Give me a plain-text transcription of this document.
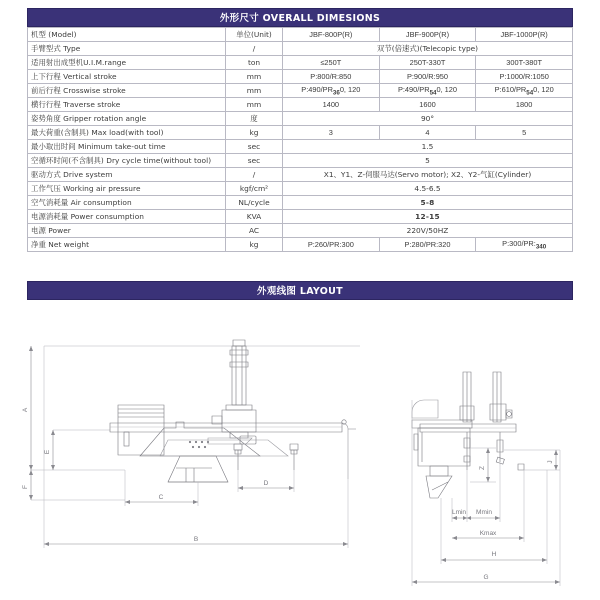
外形尺寸 OVERALL DIMESIONS
机型 (Model)	单位(Unit)	JBF-800P(R)	JBF-900P(R)	JBF-1000P(R)
手臂型式 Type	/	双节(倍速式)(Telecopic type)		
适用射出成型机U.I.M.range	ton	≤250T	250T-330T	300T-380T
上下行程 Vertical stroke	mm	P:800/R:850	P:900/R:950	P:1000/R:1050
前后行程 Crosswise stroke	mm	$P:490/PR_{36}0$, 120	$P:490/PR_{54}0$, 120	$P:610/PR_{54}0$, 120
横行行程 Traverse stroke	mm	1400	1600	1800
姿势角度 Gripper rotation angle	度	90°		
最大荷重(含制具) Max load(with tool)	kg	3	4	5
最小取出时间 Minimum take-out time	sec	1.5		
空循环时间(不含制具) Dry cycle time(without tool)	sec	5		
驱动方式 Drive system	/	X1、Y1、Z-伺服马达(Servo motor); X2、Y2-气缸(Cylinder)		
工作气压 Working air pressure	kgf/cm²	4.5-6.5		
空气消耗量 Air consumption	NL/cycle	5-8		
电源消耗量 Power consumption	KVA	12-15		
电源 Power	AC	220V/50HZ		
净重 Net weight	kg	P:260/PR:300	P:280/PR:320	$P:300/PR:_{340}$
外观线图 LAYOUT
A
E
F
C
D
B
J
Z
Lmin Mmin
Kmax
H
G
